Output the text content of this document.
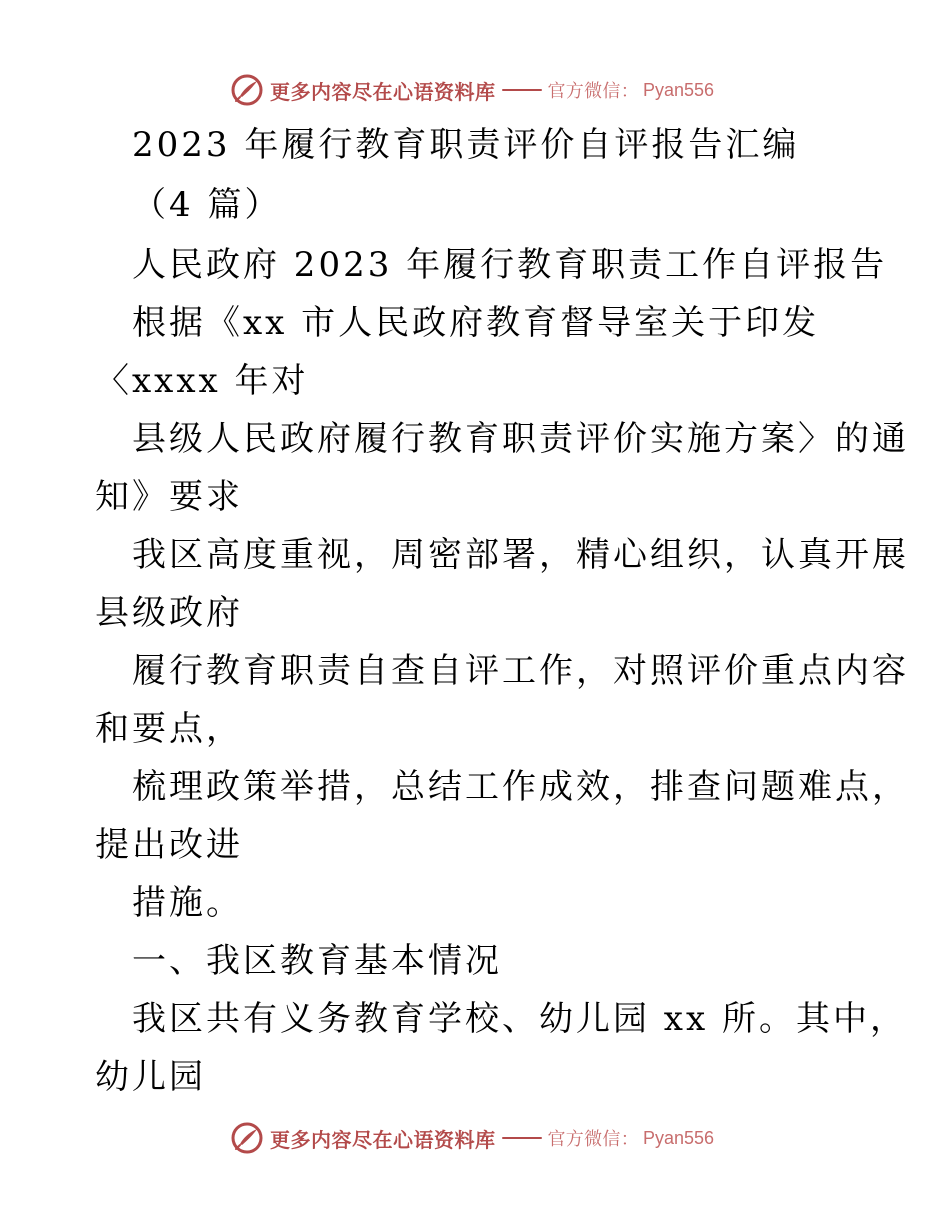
更多内容尽在心语资料库	官方微信： Pyan556
2023 年履行教育职责评价自评报告汇编
（4 篇）
人民政府 2023 年履行教育职责工作自评报告
根据《xx 市人民政府教育督导室关于印发
〈xxxx 年对
县级人民政府履行教育职责评价实施方案〉的通
知》要求
我区高度重视，周密部署，精心组织，认真开展
县级政府
履行教育职责自查自评工作，对照评价重点内容
和要点，
梳理政策举措，总结工作成效，排查问题难点，
提出改进
措施。
一、我区教育基本情况
我区共有义务教育学校、幼儿园 xx 所。其中，
幼儿园
更多内容尽在心语资料库	官方微信： Pyan556
